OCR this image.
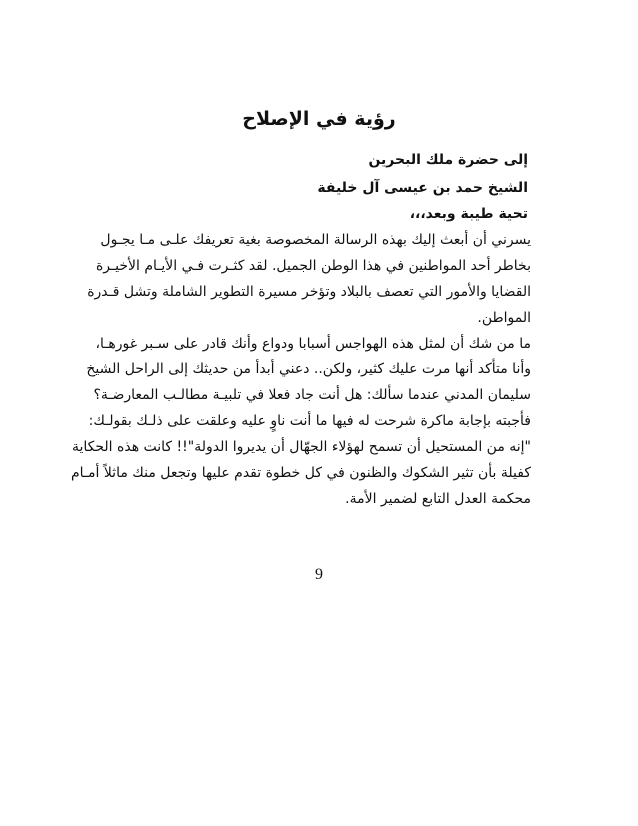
رؤية في الإصلاح
إلى حضرة ملك البحرين
الشيخ حمد بن عيسى آل خليفة
تحية طيبة وبعد،،،
يسرني أن أبعث إليك بهذه الرسالة المخصوصة بغية تعريفك علـى مـا يجـول
بخاطر أحد المواطنين في هذا الوطن الجميل. لقد كثـرت فـي الأيـام الأخيـرة
القضايا والأمور التي تعصف بالبلاد وتؤخر مسيرة التطوير الشاملة وتشل قـدرة
المواطن.
ما من شك أن لمثل هذه الهواجس أسبابا ودواع وأنك قادر على سـبر غورهـا،
وأنا متأكد أنها مرت عليك كثير، ولكن.. دعني أبدأ من حديثك إلى الراحل الشيخ
سليمان المدني عندما سألك: هل أنت جاد فعلا في تلبيـة مطالـب المعارضـة؟
فأجبته بإجابة ماكرة شرحت له فيها ما أنت ناوٍ عليه وعلقت على ذلـك بقولـك:
"إنه من المستحيل أن تسمح لهؤلاء الجهّال أن يديروا الدولة"!! كانت هذه الحكاية
كفيلة بأن تثير الشكوك والظنون في كل خطوة تقدم عليها وتجعل منك ماثلاً أمـام
محكمة العدل التابع لضمير الأمة.
9
